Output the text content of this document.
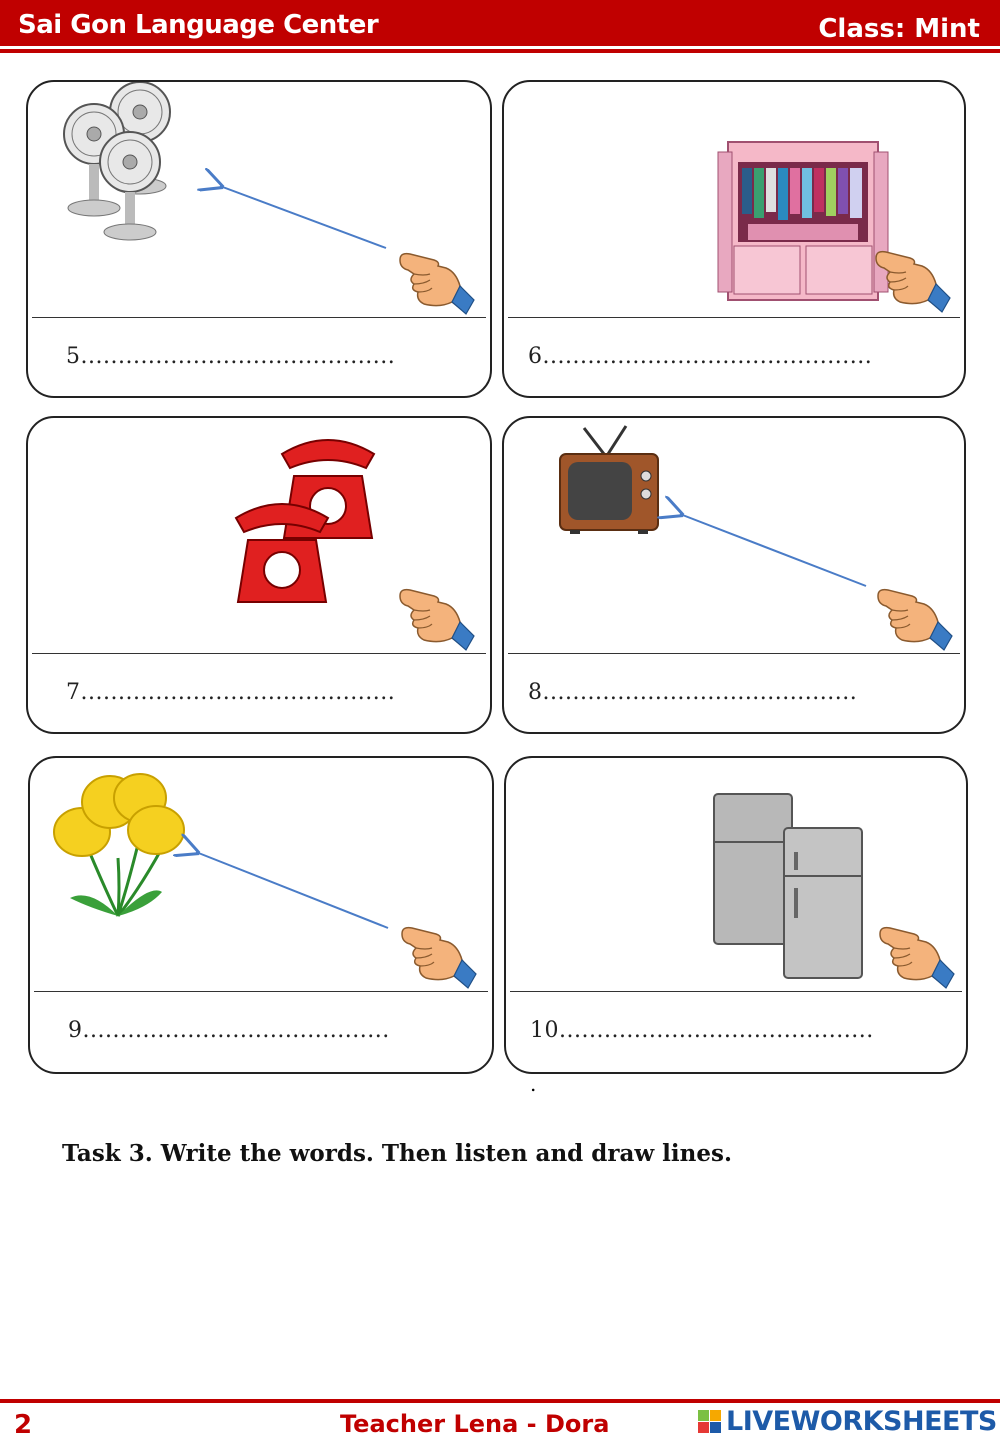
Sai Gon Language Center	Class: Mint
5..........................................	6............................................
7..........................................	8..........................................
9.........................................	10..........................................
.
Task 3. Write the words. Then listen and draw lines.
2	Teacher Lena - Dora	LIVEWORKSHEETS
